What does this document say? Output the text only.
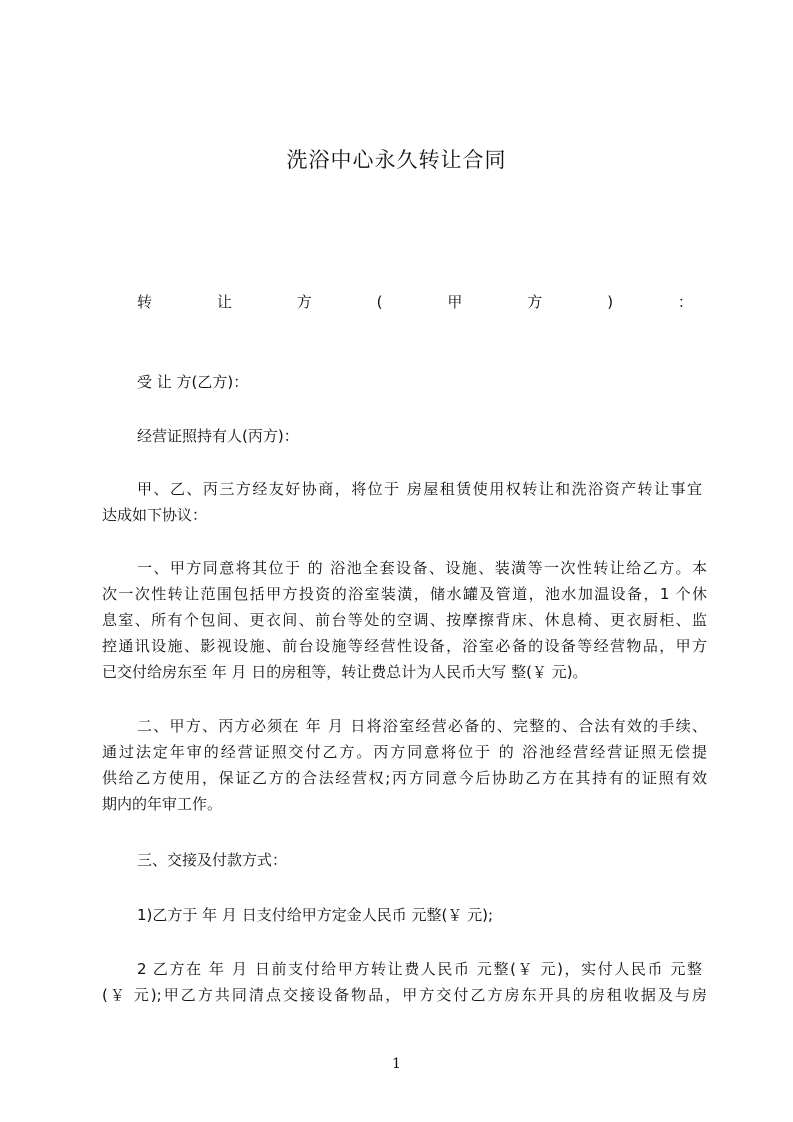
洗浴中心永久转让合同
转	让	方	(	甲	方	)	：
受 让 方(乙方)：
经营证照持有人(丙方)：
甲、乙、丙三方经友好协商，将位于 房屋租赁使用权转让和洗浴资产转让事宜
达成如下协议：
一、甲方同意将其位于 的 浴池全套设备、设施、装潢等一次性转让给乙方。本
次一次性转让范围包括甲方投资的浴室装潢，储水罐及管道，池水加温设备，1 个休
息室、所有个包间、更衣间、前台等处的空调、按摩擦背床、休息椅、更衣厨柜、监
控通讯设施、影视设施、前台设施等经营性设备，浴室必备的设备等经营物品，甲方
已交付给房东至 年 月 日的房租等，转让费总计为人民币大写 整(￥ 元)。
二、甲方、丙方必须在 年 月 日将浴室经营必备的、完整的、合法有效的手续、
通过法定年审的经营证照交付乙方。丙方同意将位于 的 浴池经营经营证照无偿提
供给乙方使用，保证乙方的合法经营权;丙方同意今后协助乙方在其持有的证照有效
期内的年审工作。
三、交接及付款方式：
1)乙方于 年 月 日支付给甲方定金人民币 元整(￥ 元);
2 乙方在 年 月 日前支付给甲方转让费人民币 元整(￥ 元)，实付人民币 元整
(￥ 元);甲乙方共同清点交接设备物品，甲方交付乙方房东开具的房租收据及与房
1
